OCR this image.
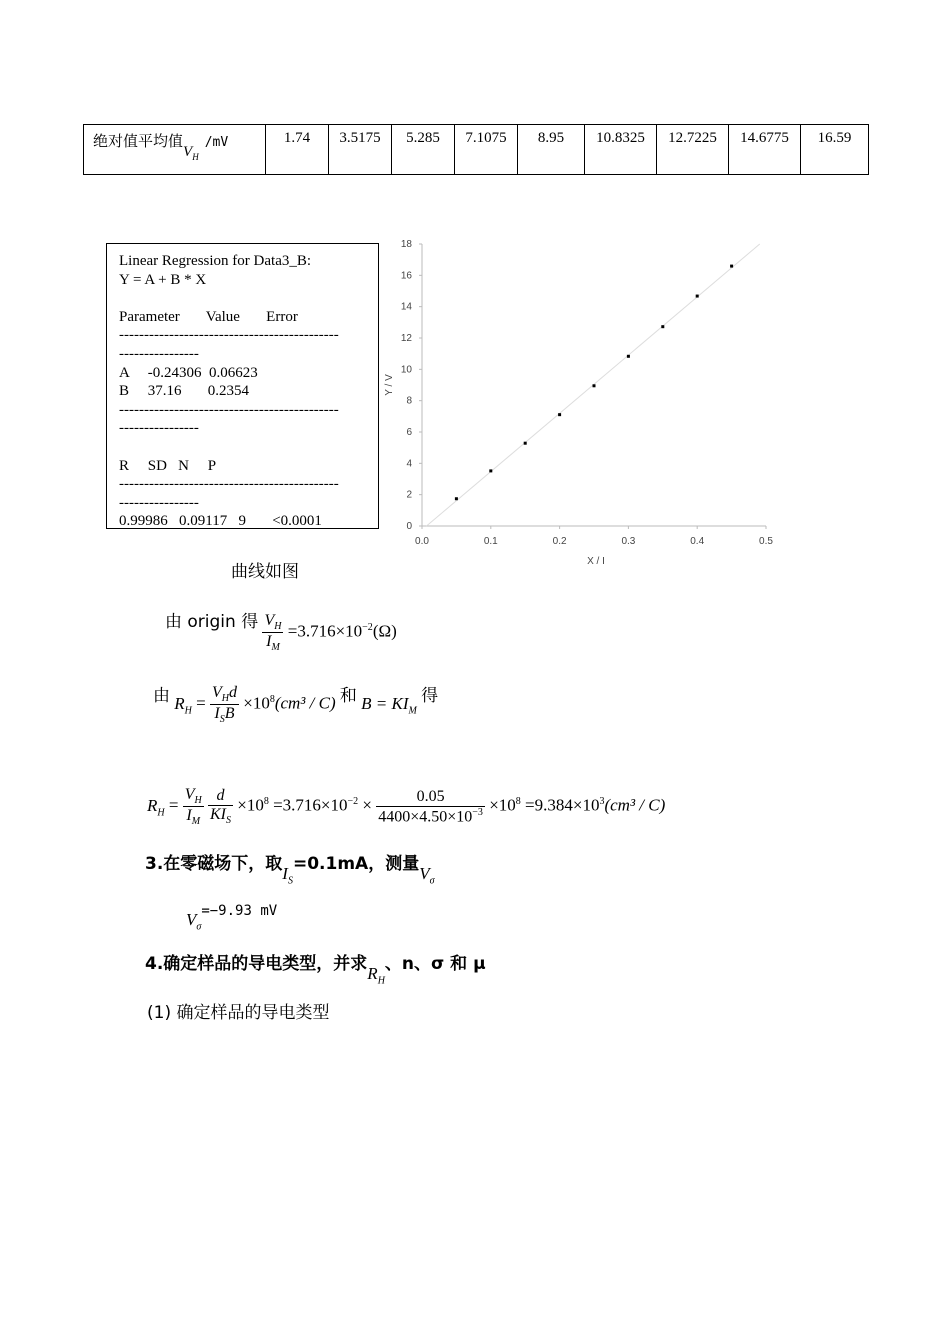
绝对值平均值$V_H/mV$	1.74	3.5175	5.285	7.1075	8.95	10.8325	12.7225	14.6775	16.59
Linear Regression for Data3_B:
Y = A + B * X

Parameter       Value       Error
--------------------------------------------
----------------
A     -0.24306  0.06623
B     37.16       0.2354
--------------------------------------------
----------------

R     SD   N     P
--------------------------------------------
----------------
0.99986   0.09117   9       <0.0001
0.0	0.1	0.2	0.3	0.4	0.5
0
2
4
6
8
10
12
14
16
18
X / I
Y / V
曲线如图
由 origin 得 $\frac{V_H}{I_M} =3.716\times 10^{-2}(\Omega)$
由 $R_H = \frac{V_Hd}{I_SB} \times 10^8(cm^3 / C)$ 和 $B = KI_M$ 得
$R_H = \frac{V_H}{I_M}$
$\frac{d}{KI_S} \times 10^8 =3.716\times 10^{-2} \times \frac{0.05}{4400\times 4.50\times 10^{-3}} \times 10^8 =9.384\times 10^3(cm^3 / C)$
3.在零磁场下，取$I_S=0.1mA$，测量$V_\sigma$
$V_\sigma=-9.93$ mV
4.确定样品的导电类型，并求$R_H$、n、σ 和 μ
(1) 确定样品的导电类型
